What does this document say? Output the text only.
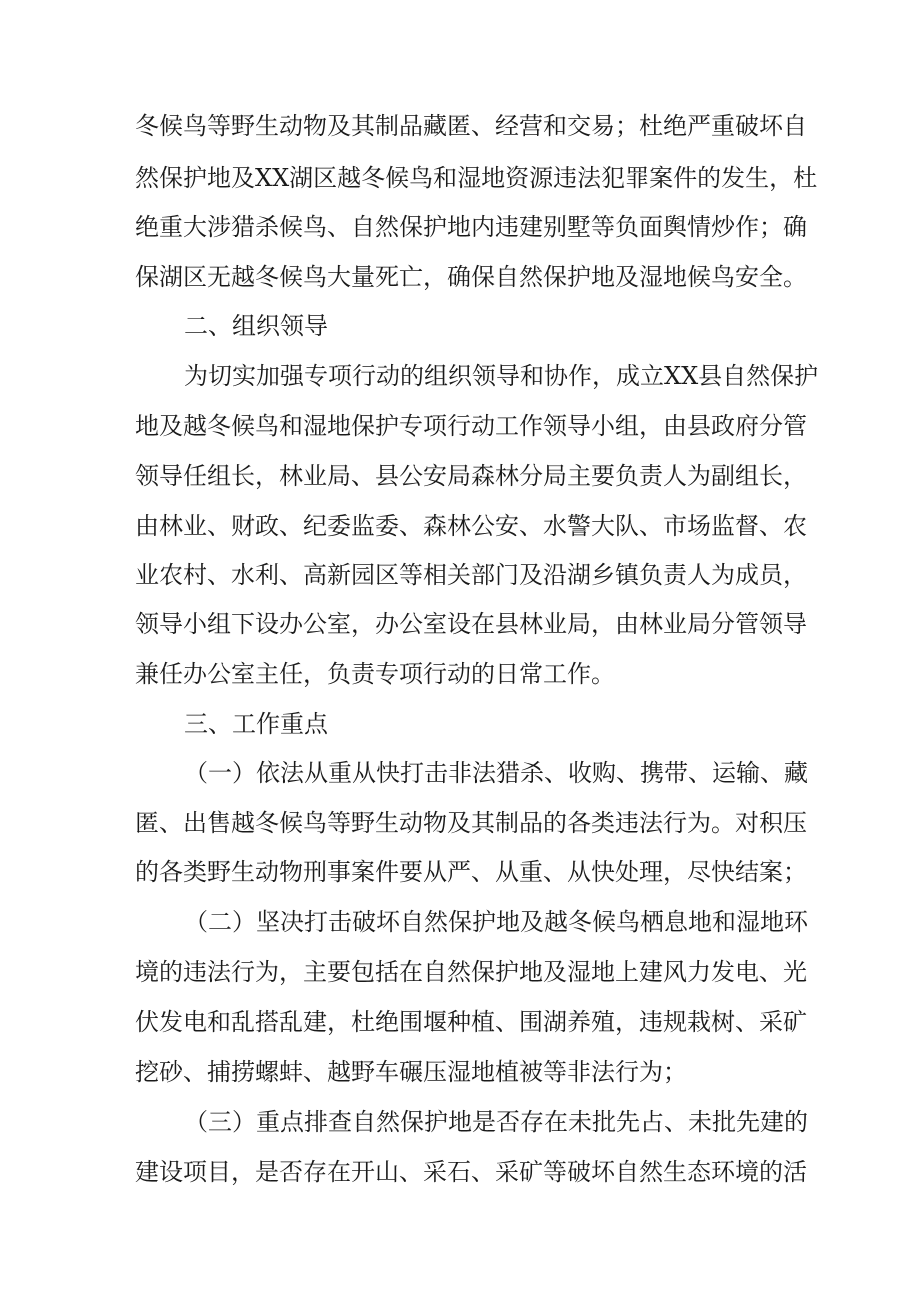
冬候鸟等野生动物及其制品藏匿、经营和交易；杜绝严重破坏自
然保护地及XX湖区越冬候鸟和湿地资源违法犯罪案件的发生，杜
绝重大涉猎杀候鸟、自然保护地内违建别墅等负面舆情炒作；确
保湖区无越冬候鸟大量死亡，确保自然保护地及湿地候鸟安全。
二、组织领导
为切实加强专项行动的组织领导和协作，成立XX县自然保护
地及越冬候鸟和湿地保护专项行动工作领导小组，由县政府分管
领导任组长，林业局、县公安局森林分局主要负责人为副组长，
由林业、财政、纪委监委、森林公安、水警大队、市场监督、农
业农村、水利、高新园区等相关部门及沿湖乡镇负责人为成员，
领导小组下设办公室，办公室设在县林业局，由林业局分管领导
兼任办公室主任，负责专项行动的日常工作。
三、工作重点
（一）依法从重从快打击非法猎杀、收购、携带、运输、藏
匿、出售越冬候鸟等野生动物及其制品的各类违法行为。对积压
的各类野生动物刑事案件要从严、从重、从快处理，尽快结案；
（二）坚决打击破坏自然保护地及越冬候鸟栖息地和湿地环
境的违法行为，主要包括在自然保护地及湿地上建风力发电、光
伏发电和乱搭乱建，杜绝围堰种植、围湖养殖，违规栽树、采矿
挖砂、捕捞螺蚌、越野车碾压湿地植被等非法行为；
（三）重点排查自然保护地是否存在未批先占、未批先建的
建设项目，是否存在开山、采石、采矿等破坏自然生态环境的活
